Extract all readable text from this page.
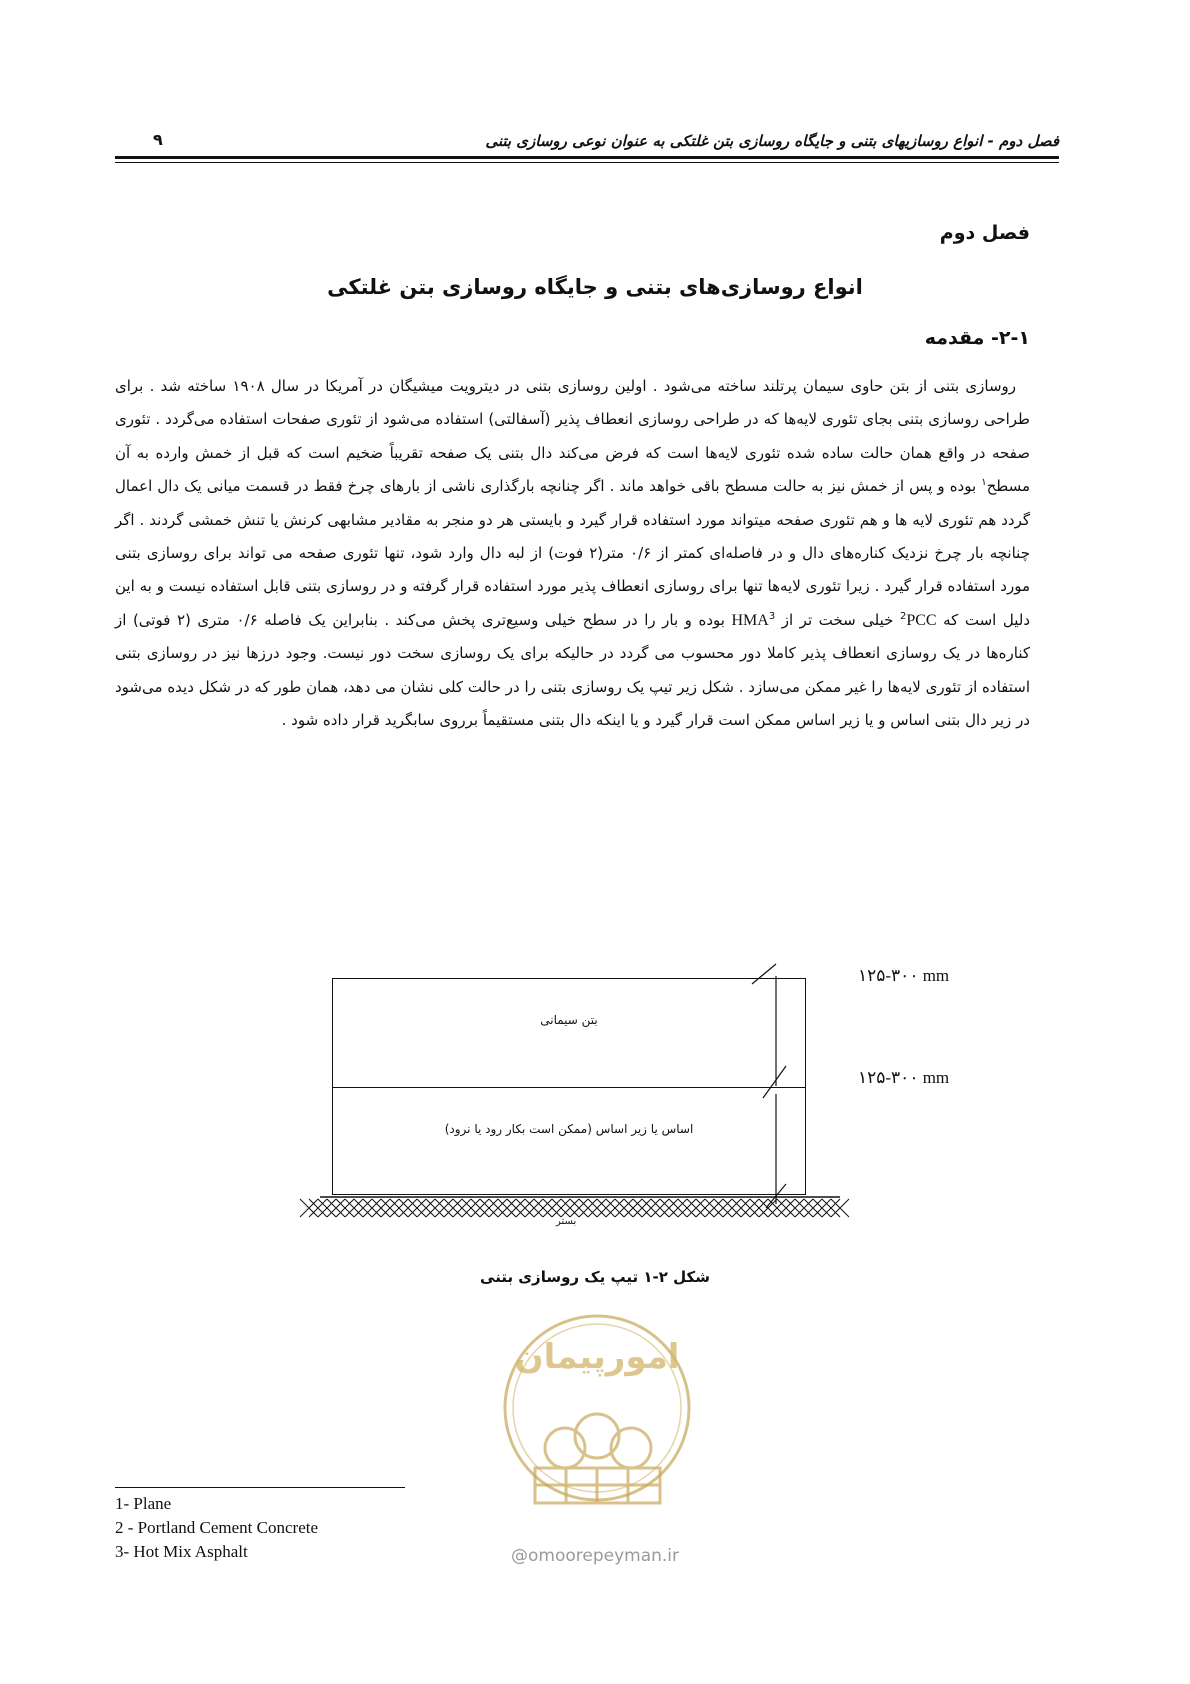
فصل دوم - انواع روسازیهای بتنی و جایگاه روسازی بتن غلتکی به عنوان نوعی روسازی بتنی
۹
فصل دوم
انواع روسازی‌های بتنی و جایگاه روسازی بتن غلتکی
۲-۱- مقدمه

روسازی بتنی از بتن حاوی سیمان پرتلند ساخته می‌شود . اولین روسازی بتنی در دیترویت میشیگان در آمریکا در سال ۱۹۰۸ ساخته شد . برای طراحی روسازی بتنی بجای تئوری لایه‌ها که در طراحی روسازی انعطاف پذیر (آسفالتی) استفاده می‌شود از تئوری صفحات استفاده می‌گردد . تئوری صفحه در واقع همان حالت ساده شده تئوری لایه‌ها است که فرض می‌کند دال بتنی یک صفحه تقریباً ضخیم است که قبل از خمش وارده به آن مسطح$^۱$ بوده و پس از خمش نیز به حالت مسطح باقی خواهد ماند . اگر چنانچه بارگذاری ناشی از بارهای چرخ فقط در قسمت میانی یک دال اعمال گردد هم تئوری لایه ها و هم تئوری صفحه میتواند مورد استفاده قرار گیرد و بایستی هر دو منجر به مقادیر مشابهی کرنش یا تنش خمشی گردند . اگر چنانچه بار چرخ نزدیک کناره‌های دال و در فاصله‌ای کمتر از ۰/۶ متر(۲ فوت) از لبه دال وارد شود، تنها تئوری صفحه می تواند برای روسازی بتنی مورد استفاده قرار گیرد . زیرا تئوری لایه‌ها تنها برای روسازی انعطاف پذیر مورد استفاده قرار گرفته و در روسازی بتنی قابل استفاده نیست و به این دلیل است که PCC$^2$ خیلی سخت تر از $^3$HMA بوده و بار را در سطح خیلی وسیع‌تری پخش می‌کند . بنابراین یک فاصله ۰/۶ متری (۲ فوتی) از کناره‌ها در یک روسازی انعطاف پذیر کاملا دور محسوب می گردد در حالیکه برای یک روسازی سخت دور نیست. وجود درزها نیز در روسازی بتنی استفاده از تئوری لایه‌ها را غیر ممکن می‌سازد . شکل زیر تیپ یک روسازی بتنی را در حالت کلی نشان می دهد، همان طور که در شکل دیده می‌شود در زیر دال بتنی اساس و یا زیر اساس ممکن است قرار گیرد و یا اینکه دال بتنی مستقیماً برروی سابگرید قرار داده شود .

بتن سیمانی
اساس یا زیر اساس (ممکن است بکار رود یا نرود)
۱۲۵-۳۰۰ mm
۱۲۵-۳۰۰ mm
بستر
شکل ۲-۱ تیپ یک روسازی بتنی
امورپیمان
@omoorepeyman.ir
1- Plane
2 - Portland Cement Concrete
3- Hot Mix Asphalt
